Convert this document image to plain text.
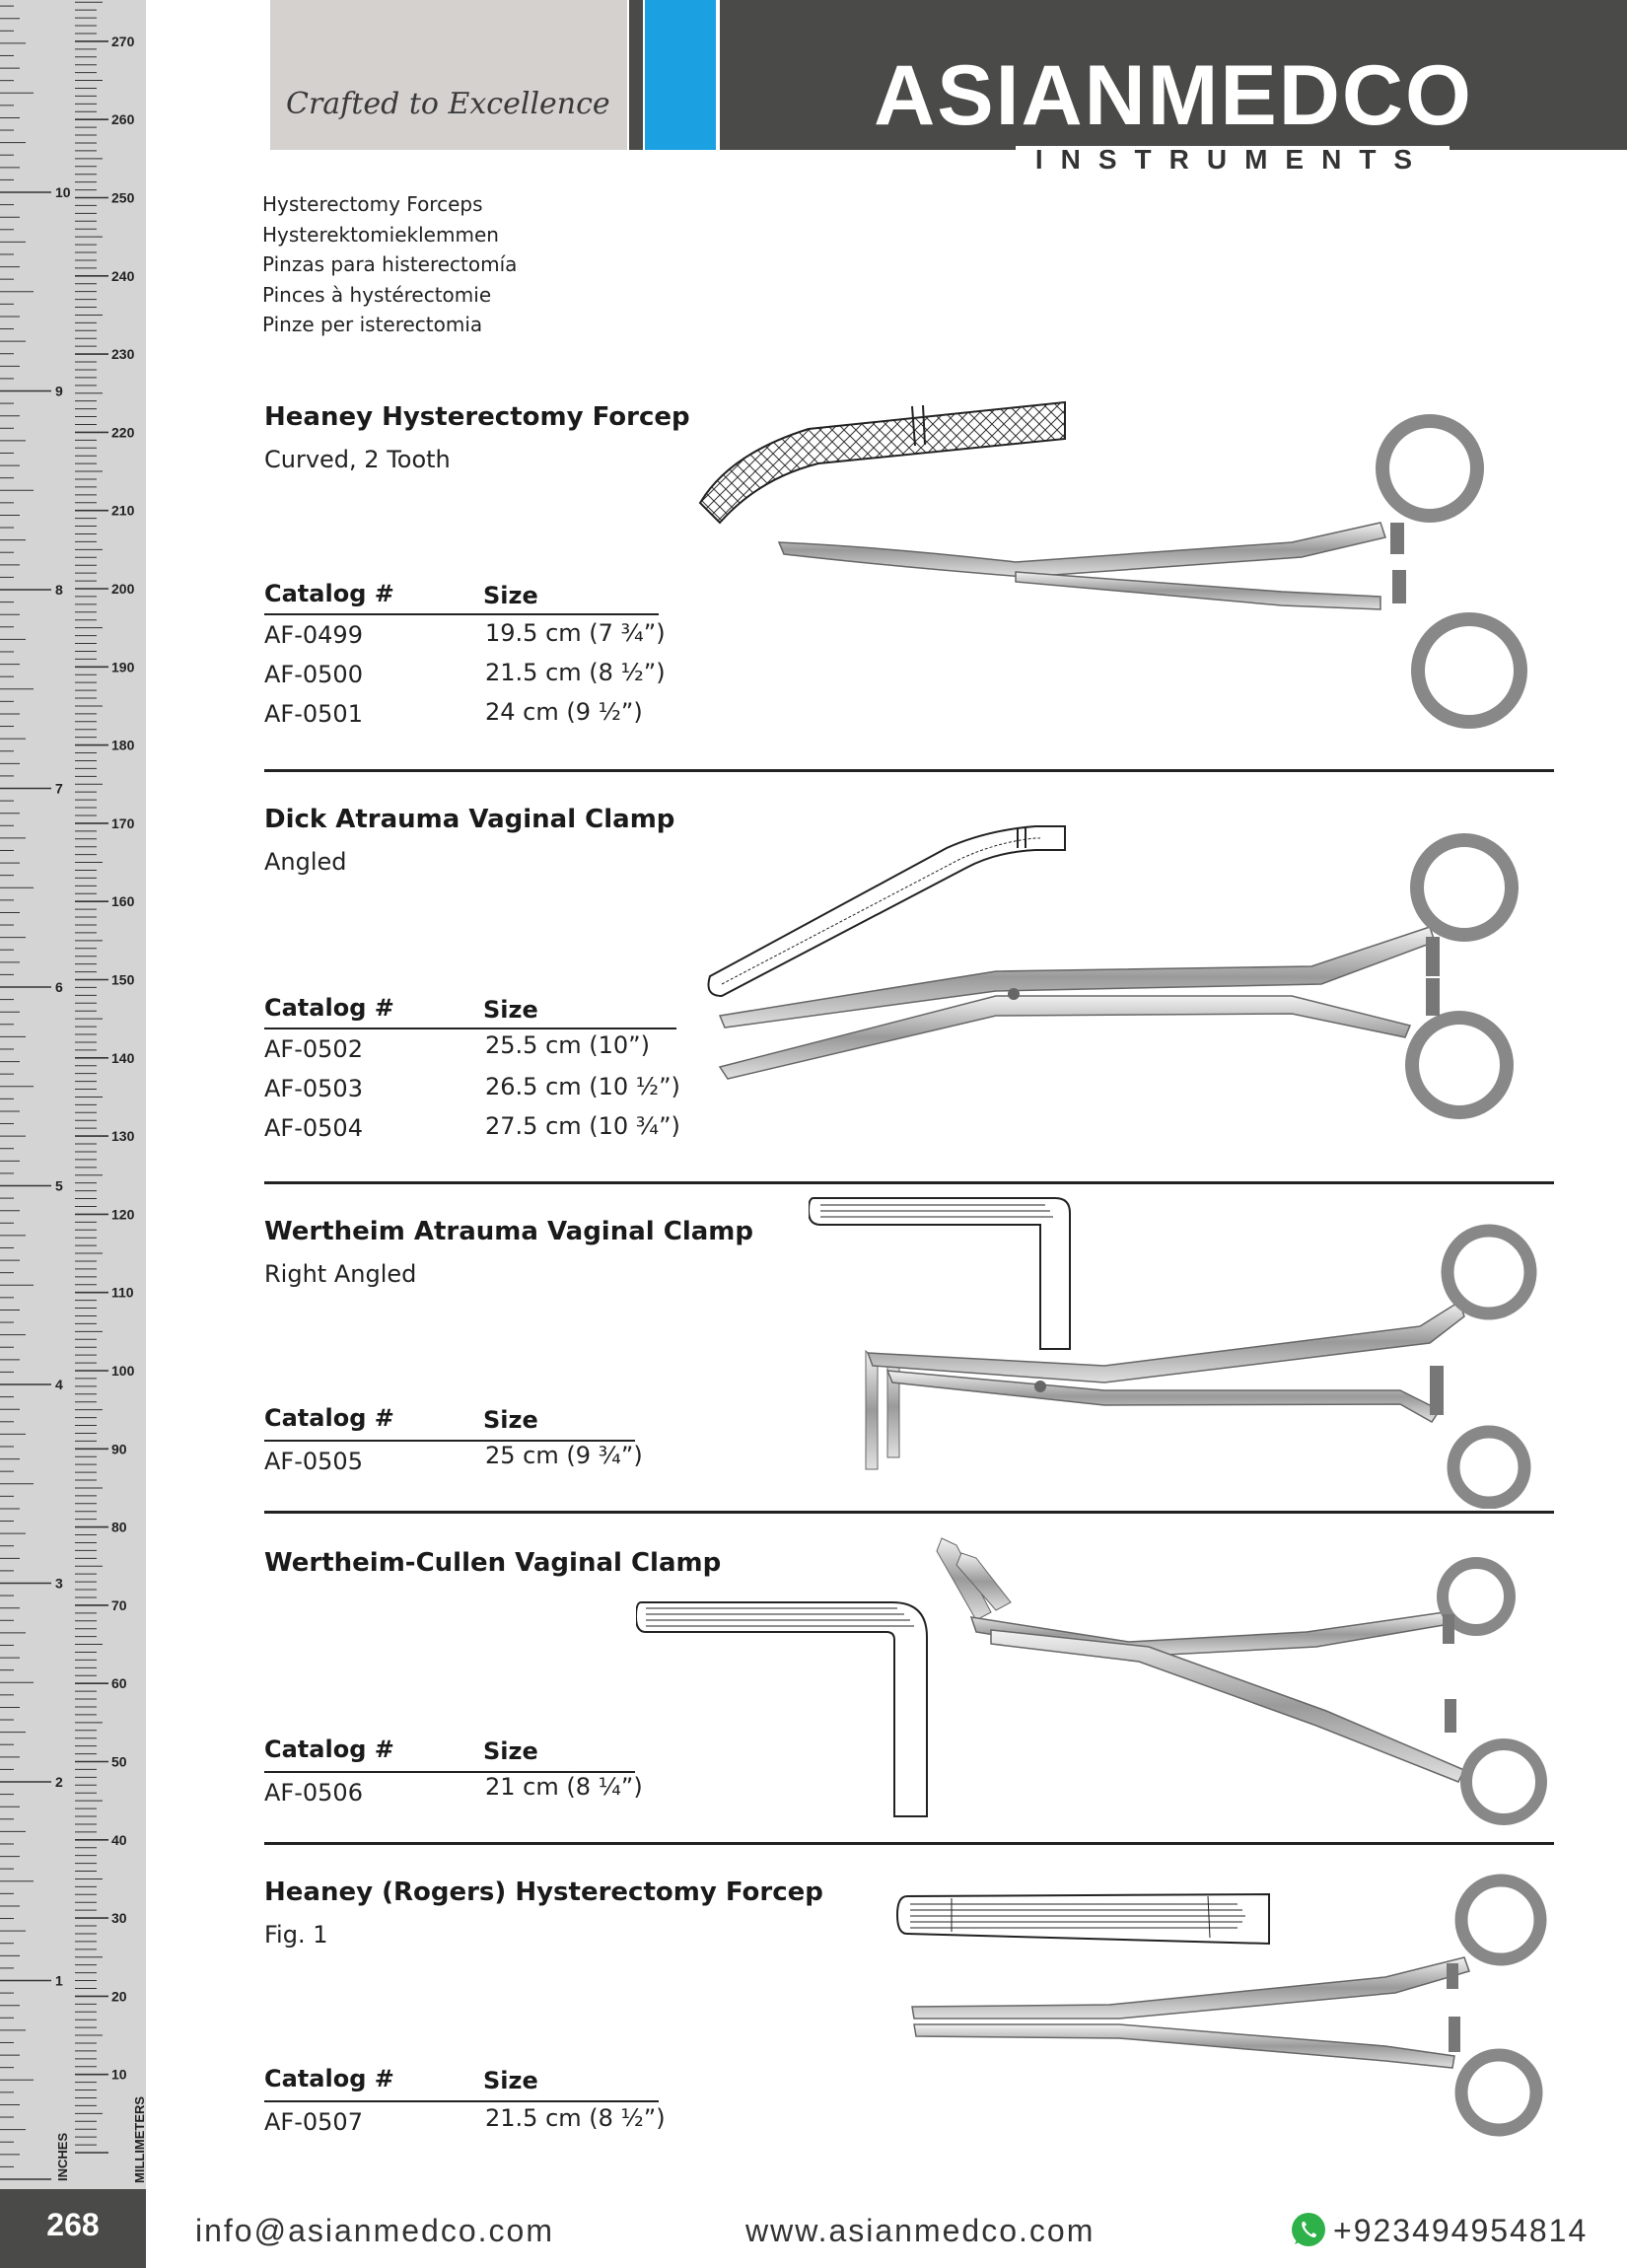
270
260
250
240
230
220
210
200
190
180
170
160
150
140
130
120
110
100
90
80
70
60
50
40
30
20
10
10
9
8
7
6
5
4
3
2
1
INCHES	MILLIMETERS
268
Crafted to Excellence	ASIANMEDCO
INSTRUMENTS
Hysterectomy Forceps
Hysterektomieklemmen
Pinzas para histerectomía
Pinces à hystérectomie
Pinze per isterectomia
Heaney Hysterectomy Forcep
Curved, 2 Tooth
Catalog #	Size
AF-0499	19.5 cm (7 ¾”)
AF-0500	21.5 cm (8 ½”)
AF-0501	24 cm (9 ½”)
Dick Atrauma Vaginal Clamp
Angled
Catalog #	Size
AF-0502	25.5 cm (10”)
AF-0503	26.5 cm (10 ½”)
AF-0504	27.5 cm (10 ¾”)
Wertheim Atrauma Vaginal Clamp
Right Angled
Catalog #	Size
AF-0505	25 cm (9 ¾”)
Wertheim-Cullen Vaginal Clamp
Catalog #	Size
AF-0506	21 cm (8 ¼”)
Heaney (Rogers) Hysterectomy Forcep
Fig. 1
Catalog #	Size
AF-0507	21.5 cm (8 ½”)
info@asianmedco.com	www.asianmedco.com	+923494954814
